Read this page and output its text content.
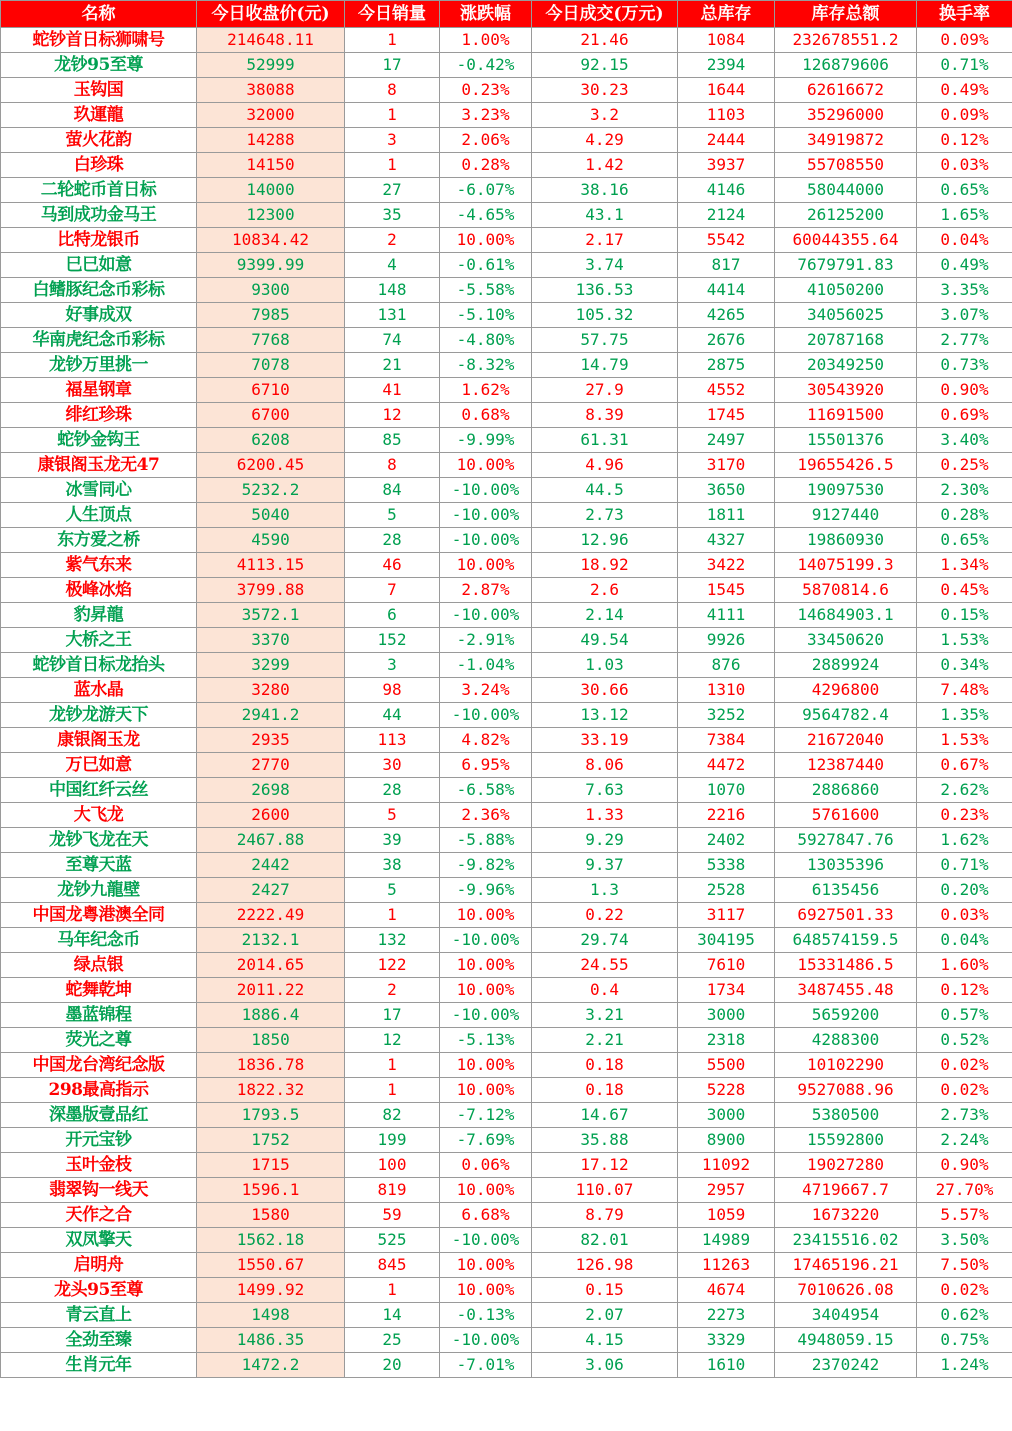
名称	今日收盘价(元)	今日销量	涨跌幅	今日成交(万元)	总库存	库存总额	换手率
蛇钞首日标狮啸号	214648.11	1	1.00%	21.46	1084	232678551.2	0.09%
龙钞95至尊	52999	17	-0.42%	92.15	2394	126879606	0.71%
玉钩国	38088	8	0.23%	30.23	1644	62616672	0.49%
玖運龍	32000	1	3.23%	3.2	1103	35296000	0.09%
萤火花韵	14288	3	2.06%	4.29	2444	34919872	0.12%
白珍珠	14150	1	0.28%	1.42	3937	55708550	0.03%
二轮蛇币首日标	14000	27	-6.07%	38.16	4146	58044000	0.65%
马到成功金马王	12300	35	-4.65%	43.1	2124	26125200	1.65%
比特龙银币	10834.42	2	10.00%	2.17	5542	60044355.64	0.04%
巳巳如意	9399.99	4	-0.61%	3.74	817	7679791.83	0.49%
白鳍豚纪念币彩标	9300	148	-5.58%	136.53	4414	41050200	3.35%
好事成双	7985	131	-5.10%	105.32	4265	34056025	3.07%
华南虎纪念币彩标	7768	74	-4.80%	57.75	2676	20787168	2.77%
龙钞万里挑一	7078	21	-8.32%	14.79	2875	20349250	0.73%
福星钢章	6710	41	1.62%	27.9	4552	30543920	0.90%
绯红珍珠	6700	12	0.68%	8.39	1745	11691500	0.69%
蛇钞金钩王	6208	85	-9.99%	61.31	2497	15501376	3.40%
康银阁玉龙无47	6200.45	8	10.00%	4.96	3170	19655426.5	0.25%
冰雪同心	5232.2	84	-10.00%	44.5	3650	19097530	2.30%
人生顶点	5040	5	-10.00%	2.73	1811	9127440	0.28%
东方爱之桥	4590	28	-10.00%	12.96	4327	19860930	0.65%
紫气东来	4113.15	46	10.00%	18.92	3422	14075199.3	1.34%
极峰冰焰	3799.88	7	2.87%	2.6	1545	5870814.6	0.45%
豹昇龍	3572.1	6	-10.00%	2.14	4111	14684903.1	0.15%
大桥之王	3370	152	-2.91%	49.54	9926	33450620	1.53%
蛇钞首日标龙抬头	3299	3	-1.04%	1.03	876	2889924	0.34%
蓝水晶	3280	98	3.24%	30.66	1310	4296800	7.48%
龙钞龙游天下	2941.2	44	-10.00%	13.12	3252	9564782.4	1.35%
康银阁玉龙	2935	113	4.82%	33.19	7384	21672040	1.53%
万巳如意	2770	30	6.95%	8.06	4472	12387440	0.67%
中国红纤云丝	2698	28	-6.58%	7.63	1070	2886860	2.62%
大飞龙	2600	5	2.36%	1.33	2216	5761600	0.23%
龙钞飞龙在天	2467.88	39	-5.88%	9.29	2402	5927847.76	1.62%
至尊天蓝	2442	38	-9.82%	9.37	5338	13035396	0.71%
龙钞九龍壁	2427	5	-9.96%	1.3	2528	6135456	0.20%
中国龙粤港澳全同	2222.49	1	10.00%	0.22	3117	6927501.33	0.03%
马年纪念币	2132.1	132	-10.00%	29.74	304195	648574159.5	0.04%
绿点银	2014.65	122	10.00%	24.55	7610	15331486.5	1.60%
蛇舞乾坤	2011.22	2	10.00%	0.4	1734	3487455.48	0.12%
墨蓝锦程	1886.4	17	-10.00%	3.21	3000	5659200	0.57%
荧光之尊	1850	12	-5.13%	2.21	2318	4288300	0.52%
中国龙台湾纪念版	1836.78	1	10.00%	0.18	5500	10102290	0.02%
298最高指示	1822.32	1	10.00%	0.18	5228	9527088.96	0.02%
深墨版壹品红	1793.5	82	-7.12%	14.67	3000	5380500	2.73%
开元宝钞	1752	199	-7.69%	35.88	8900	15592800	2.24%
玉叶金枝	1715	100	0.06%	17.12	11092	19027280	0.90%
翡翠钩一线天	1596.1	819	10.00%	110.07	2957	4719667.7	27.70%
天作之合	1580	59	6.68%	8.79	1059	1673220	5.57%
双凤擎天	1562.18	525	-10.00%	82.01	14989	23415516.02	3.50%
启明舟	1550.67	845	10.00%	126.98	11263	17465196.21	7.50%
龙头95至尊	1499.92	1	10.00%	0.15	4674	7010626.08	0.02%
青云直上	1498	14	-0.13%	2.07	2273	3404954	0.62%
全劲至臻	1486.35	25	-10.00%	4.15	3329	4948059.15	0.75%
生肖元年	1472.2	20	-7.01%	3.06	1610	2370242	1.24%
